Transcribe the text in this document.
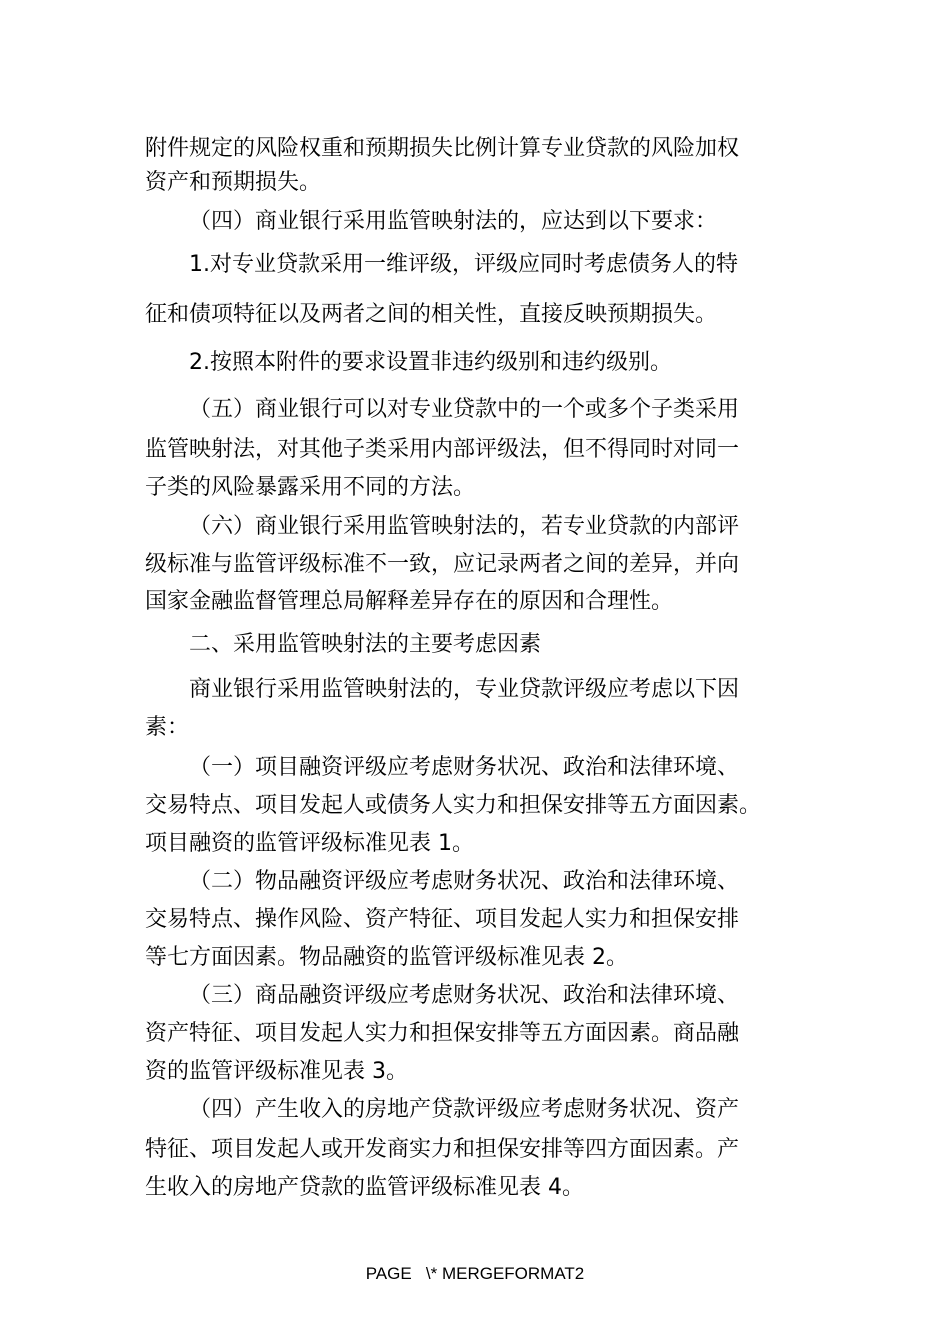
附件规定的风险权重和预期损失比例计算专业贷款的风险加权
资产和预期损失。
（四）商业银行采用监管映射法的，应达到以下要求：
1.对专业贷款采用一维评级，评级应同时考虑债务人的特
征和债项特征以及两者之间的相关性，直接反映预期损失。
2.按照本附件的要求设置非违约级别和违约级别。
（五）商业银行可以对专业贷款中的一个或多个子类采用
监管映射法，对其他子类采用内部评级法，但不得同时对同一
子类的风险暴露采用不同的方法。
（六）商业银行采用监管映射法的，若专业贷款的内部评
级标准与监管评级标准不一致，应记录两者之间的差异，并向
国家金融监督管理总局解释差异存在的原因和合理性。
二、采用监管映射法的主要考虑因素
商业银行采用监管映射法的，专业贷款评级应考虑以下因
素：
（一）项目融资评级应考虑财务状况、政治和法律环境、
交易特点、项目发起人或债务人实力和担保安排等五方面因素。
项目融资的监管评级标准见表 1。
（二）物品融资评级应考虑财务状况、政治和法律环境、
交易特点、操作风险、资产特征、项目发起人实力和担保安排
等七方面因素。物品融资的监管评级标准见表 2。
（三）商品融资评级应考虑财务状况、政治和法律环境、
资产特征、项目发起人实力和担保安排等五方面因素。商品融
资的监管评级标准见表 3。
（四）产生收入的房地产贷款评级应考虑财务状况、资产
特征、项目发起人或开发商实力和担保安排等四方面因素。产
生收入的房地产贷款的监管评级标准见表 4。
PAGE   \* MERGEFORMAT2
